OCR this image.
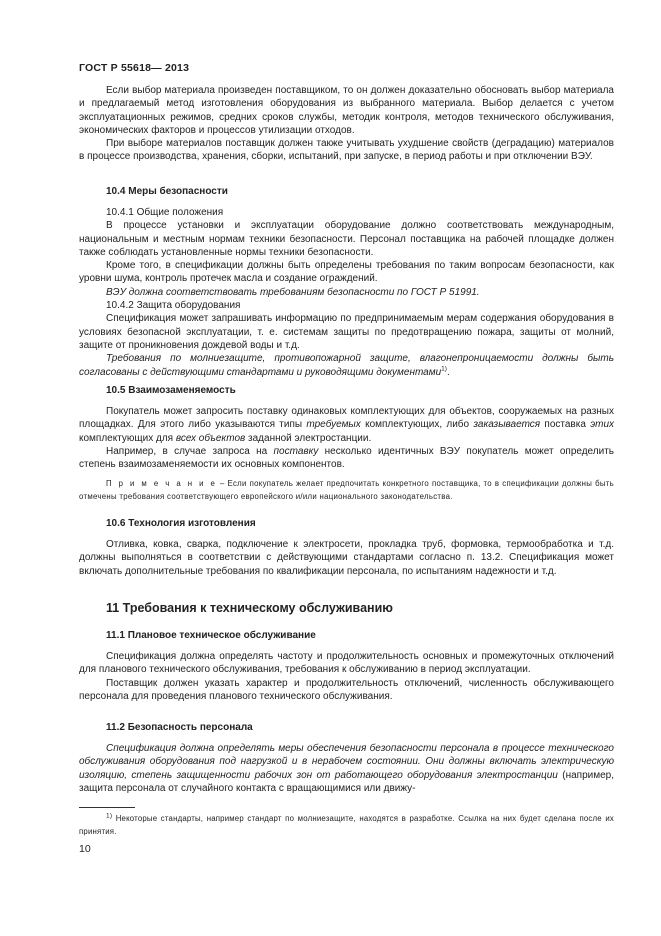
ГОСТ Р 55618— 2013

Если выбор материала произведен поставщиком, то он должен доказательно обосновать выбор материала и предлагаемый метод изготовления оборудования из выбранного материала. Выбор делается с учетом эксплуатационных режимов, средних сроков службы, методик контроля, методов технического обслуживания, экономических факторов и процессов утилизации отходов.

При выборе материалов поставщик должен также учитывать ухудшение свойств (деградацию) материалов в процессе производства, хранения, сборки, испытаний, при запуске, в период работы и при отключении ВЭУ.

10.4 Меры безопасности

10.4.1 Общие положения

В процессе установки и эксплуатации оборудование должно соответствовать международным, национальным и местным нормам техники безопасности. Персонал поставщика на рабочей площадке должен также соблюдать установленные нормы техники безопасности.

Кроме того, в спецификации должны быть определены требования по таким вопросам безопасности, как уровни шума, контроль протечек масла и создание ограждений.

ВЭУ должна соответствовать требованиям безопасности по ГОСТ Р 51991.

10.4.2 Защита оборудования

Спецификация может запрашивать информацию по предпринимаемым мерам содержания оборудования в условиях безопасной эксплуатации, т. е. системам защиты по предотвращению пожара, защиты от молний, защите от проникновения дождевой воды и т.д.

Требования по молниезащите, противопожарной защите, влагонепроницаемости должны быть согласованы с действующими стандартами и руководящими документами$^{1)}$.

10.5 Взаимозаменяемость

Покупатель может запросить поставку одинаковых комплектующих для объектов, сооружаемых на разных площадках. Для этого либо указываются типы требуемых комплектующих, либо заказывается поставка этих комплектующих для всех объектов заданной электростанции.

Например, в случае запроса на поставку несколько идентичных ВЭУ покупатель может определить степень взаимозаменяемости их основных компонентов.

П р и м е ч а н и е – Если покупатель желает предпочитать конкретного поставщика, то в спецификации должны быть отмечены требования соответствующего европейского и/или национального законодательства.
10.6 Технология изготовления

Отливка, ковка, сварка, подключение к электросети, прокладка труб, формовка, термообработка и т.д. должны выполняться в соответствии с действующими стандартами согласно п. 13.2. Спецификация может включать дополнительные требования по квалификации персонала, по испытаниям надежности и т.д.

11 Требования к техническому обслуживанию
11.1 Плановое техническое обслуживание

Спецификация должна определять частоту и продолжительность основных и промежуточных отключений для планового технического обслуживания, требования к обслуживанию в период эксплуатации.

Поставщик должен указать характер и продолжительность отключений, численность обслуживающего персонала для проведения планового технического обслуживания.

11.2 Безопасность персонала

Спецификация должна определять меры обеспечения безопасности персонала в процессе технического обслуживания оборудования под нагрузкой и в нерабочем состоянии. Они должны включать электрическую изоляцию, степень защищенности рабочих зон от работающего оборудования электростанции (например, защита персонала от случайного контакта с вращающимися или движу-

$^{1)}$ Некоторые стандарты, например стандарт по молниезащите, находятся в разработке. Ссылка на них будет сделана после их принятия.
10
